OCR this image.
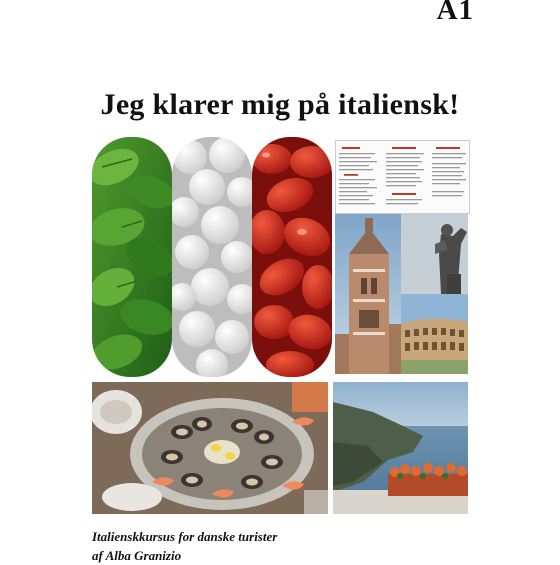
A1
Jeg klarer mig på italiensk!
Italienskkursus for danske turister
af Alba Granizio
